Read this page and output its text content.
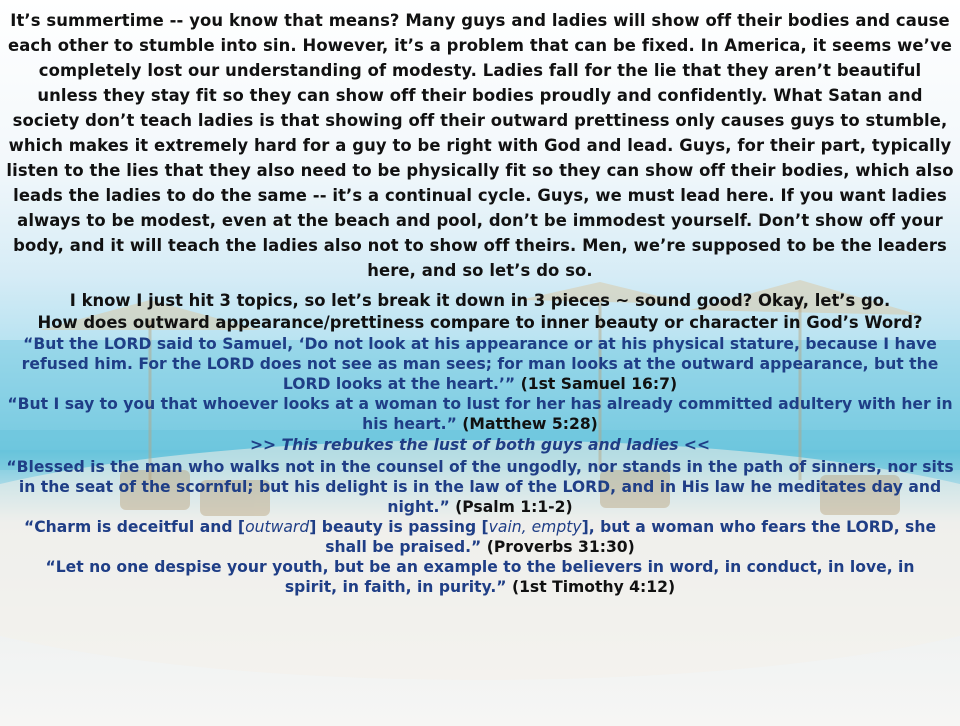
It’s summertime -- you know that means? Many guys and ladies will show off their bodies and cause each other to stumble into sin. However, it’s a problem that can be fixed. In America, it seems we’ve completely lost our understanding of modesty. Ladies fall for the lie that they aren’t beautiful unless they stay fit so they can show off their bodies proudly and confidently. What Satan and society don’t teach ladies is that showing off their outward prettiness only causes guys to stumble, which makes it extremely hard for a guy to be right with God and lead. Guys, for their part, typically listen to the lies that they also need to be physically fit so they can show off their bodies, which also leads the ladies to do the same -- it’s a continual cycle. Guys, we must lead here. If you want ladies always to be modest, even at the beach and pool, don’t be immodest yourself. Don’t show off your body, and it will teach the ladies also not to show off theirs. Men, we’re supposed to be the leaders here, and so let’s do so.

I know I just hit 3 topics, so let’s break it down in 3 pieces ~ sound good? Okay, let’s go.

How does outward appearance/prettiness compare to inner beauty or character in God’s Word?

“But the LORD said to Samuel, ‘Do not look at his appearance or at his physical stature, because I have refused him. For the LORD does not see as man sees; for man looks at the outward appearance, but the LORD looks at the heart.’” (1st Samuel 16:7)

“But I say to you that whoever looks at a woman to lust for her has already committed adultery with her in his heart.” (Matthew 5:28)

>> This rebukes the lust of both guys and ladies <<

“Blessed is the man who walks not in the counsel of the ungodly, nor stands in the path of sinners, nor sits in the seat of the scornful; but his delight is in the law of the LORD, and in His law he meditates day and night.” (Psalm 1:1-2)

“Charm is deceitful and [outward] beauty is passing [vain, empty], but a woman who fears the LORD, she shall be praised.” (Proverbs 31:30)

“Let no one despise your youth, but be an example to the believers in word, in conduct, in love, in spirit, in faith, in purity.” (1st Timothy 4:12)
